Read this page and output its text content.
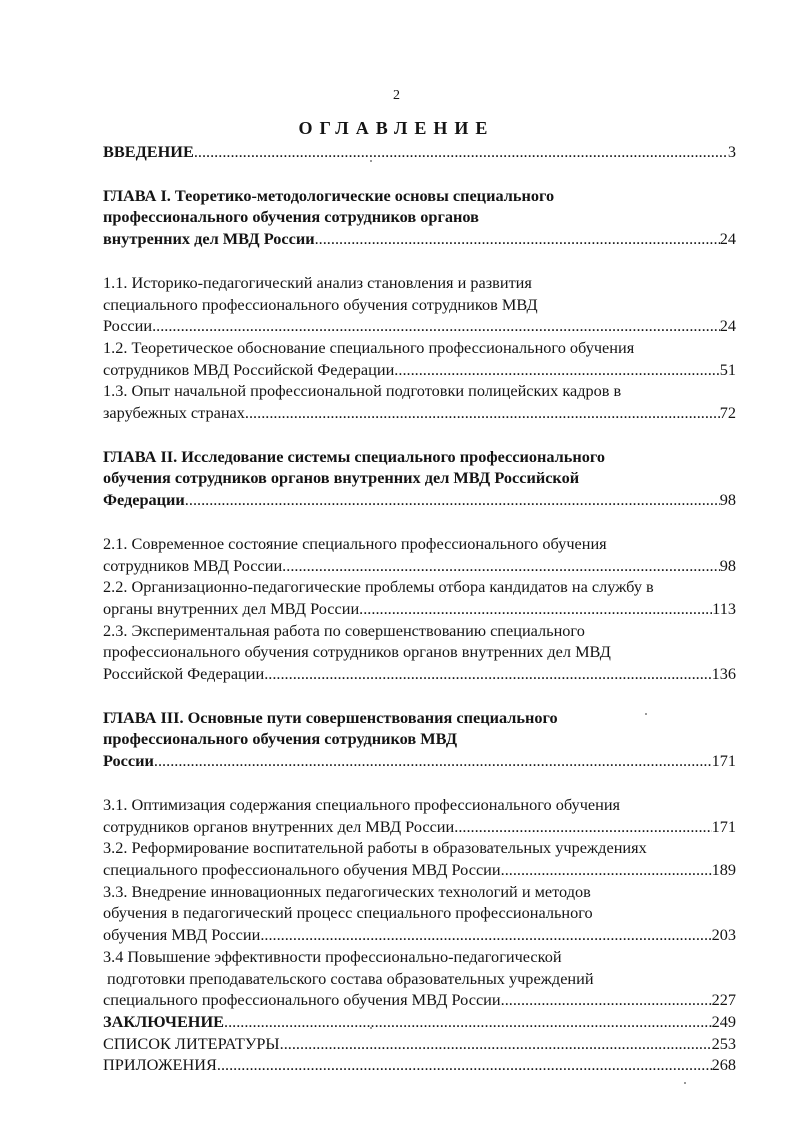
2
ОГЛАВЛЕНИЕ
ВВЕДЕНИЕ .....	3
ГЛАВА I. Теоретико-методологические основы специального
профессионального обучения сотрудников органов
внутренних дел МВД России .....	24
1.1. Историко-педагогический анализ становления и развития
специального профессионального обучения сотрудников МВД
России .....	24
1.2. Теоретическое обоснование специального профессионального обучения
сотрудников МВД Российской Федерации .....	51
1.3. Опыт начальной профессиональной подготовки полицейских кадров в
зарубежных странах .....	72
ГЛАВА II. Исследование системы специального профессионального
обучения сотрудников органов внутренних дел МВД Российской
Федерации .....	98
2.1. Современное состояние специального профессионального обучения
сотрудников МВД России .....	98
2.2. Организационно-педагогические проблемы отбора кандидатов на службу в
органы внутренних дел МВД России .....	113
2.3. Экспериментальная работа по совершенствованию специального
профессионального обучения сотрудников органов внутренних дел МВД
Российской Федерации .....	136
ГЛАВА III. Основные пути совершенствования специального
профессионального обучения сотрудников МВД
России .....	171
3.1. Оптимизация содержания специального профессионального обучения
сотрудников органов внутренних дел МВД России .....	171
3.2. Реформирование воспитательной работы в образовательных учреждениях
специального профессионального обучения МВД России .....	189
3.3. Внедрение инновационных педагогических технологий и методов
обучения в педагогический процесс специального профессионального
обучения МВД России .....	203
3.4 Повышение эффективности профессионально-педагогической
подготовки преподавательского состава образовательных учреждений
специального профессионального обучения МВД России .....	227
ЗАКЛЮЧЕНИЕ .....	249
СПИСОК ЛИТЕРАТУРЫ .....	253
ПРИЛОЖЕНИЯ .....	268
